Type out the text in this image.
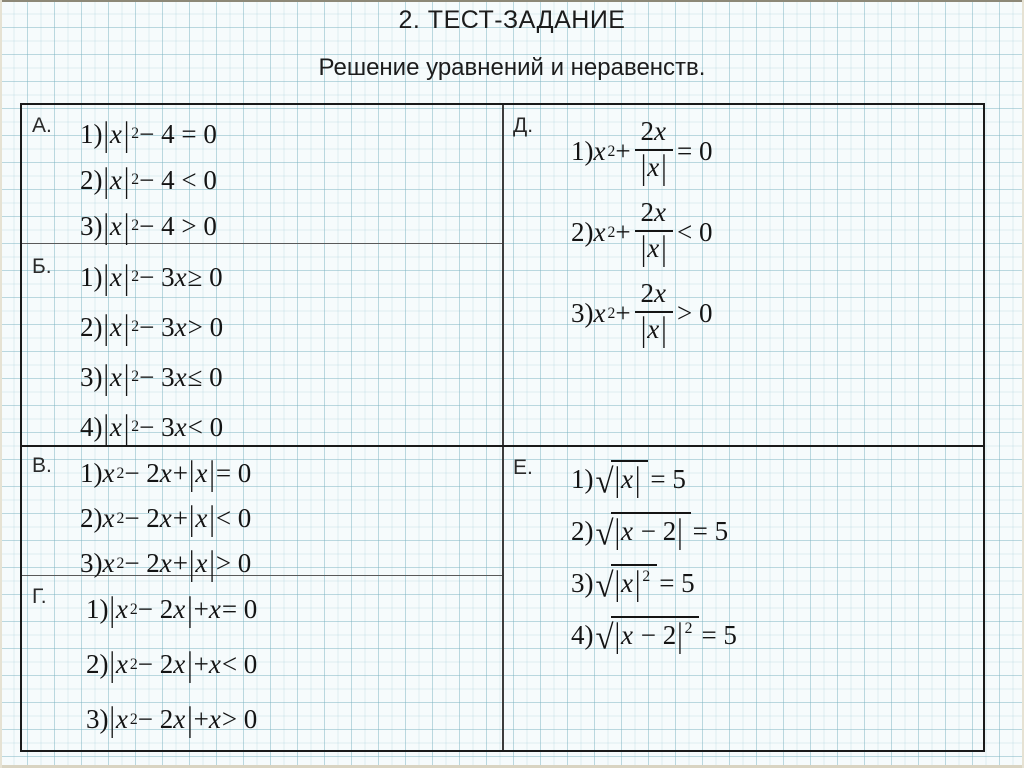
2. ТЕСТ-ЗАДАНИЕ
Решение уравнений и неравенств.
А.	1) | x | 2 − 4 = 0
2) | x | 2 − 4 < 0
3) | x | 2 − 4 > 0
Б.	1) | x | 2 − 3 x ≥ 0
2) | x | 2 − 3 x > 0
3) | x | 2 − 3 x ≤ 0
4) | x | 2 − 3 x < 0
В.	1) x 2 − 2 x + | x | = 0
2) x 2 − 2 x + | x | < 0
3) x 2 − 2 x + | x | > 0
Г.	1) | x 2 − 2 x | + x = 0
2) | x 2 − 2 x | + x < 0
3) | x 2 − 2 x | + x > 0
Д.
1) x $2 + \frac{2x}{|x|} = 0$
2) x $2 + \frac{2x}{|x|} < 0$
3) x $2 + \frac{2x}{|x|} > 0$
Е.	1) √|x| = 5
2) √|x − 2| = 5
3) √|x| $^2$ = 5
4) √|x − 2| $^2$ = 5
